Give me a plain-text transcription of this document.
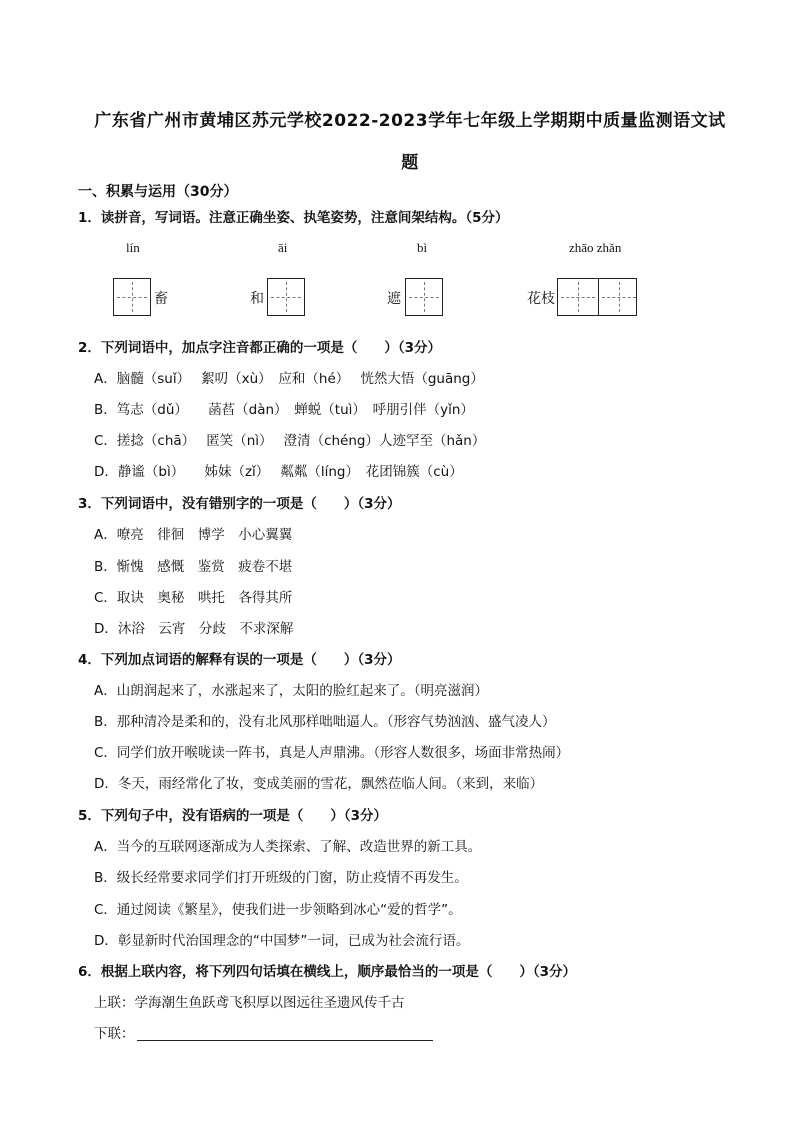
广东省广州市黄埔区苏元学校2022-2023学年七年级上学期期中质量监测语文试
题
一、积累与运用（30分）
1．读拼音，写词语。注意正确坐姿、执笔姿势，注意间架结构。（5分）
lín	āi	bì	zhāo zhǎn
畜	和	遮	花枝
2．下列词语中，加点字注音都正确的一项是（　　）（3分）
A．脑髓（suǐ）　 絮叨（xù）　应和（hé）　 恍然大悟（guāng）
B．笃志（dǔ）　　菡萏（dàn）　蝉蜕（tuì）　呼朋引伴（yǐn）
C．搓捻（chā）　 匿笑（nì）　 澄清（chéng）人迹罕至（hǎn）
D．静谧（bì）　　姊妹（zǐ）　 粼粼（líng）　花团锦簇（cù）
3．下列词语中，没有错别字的一项是（　　）（3分）
A．嘹亮　徘徊　博学　小心翼翼
B．惭愧　感慨　鉴赏　疲卷不堪
C．取诀　奥秘　哄托　各得其所
D．沐浴　云宵　分歧　不求深解
4．下列加点词语的解释有误的一项是（　　）（3分）
A．山朗润起来了，水涨起来了，太阳的脸红起来了。（明亮滋润）
B．那种清冷是柔和的，没有北风那样咄咄逼人。（形容气势汹汹、盛气凌人）
C．同学们放开喉咙读一阵书，真是人声鼎沸。（形容人数很多，场面非常热闹）
D．冬天，雨经常化了妆，变成美丽的雪花，飘然莅临人间。（来到，来临）
5．下列句子中，没有语病的一项是（　　）（3分）
A．当今的互联网逐渐成为人类探索、了解、改造世界的新工具。
B．级长经常要求同学们打开班级的门窗，防止疫情不再发生。
C．通过阅读《繁星》，使我们进一步领略到冰心“爱的哲学”。
D．彰显新时代治国理念的“中国梦”一词，已成为社会流行语。
6．根据上联内容，将下列四句话填在横线上，顺序最恰当的一项是（　　）（3分）
上联：学海潮生鱼跃鸢飞积厚以图远往圣遗风传千古
下联：
